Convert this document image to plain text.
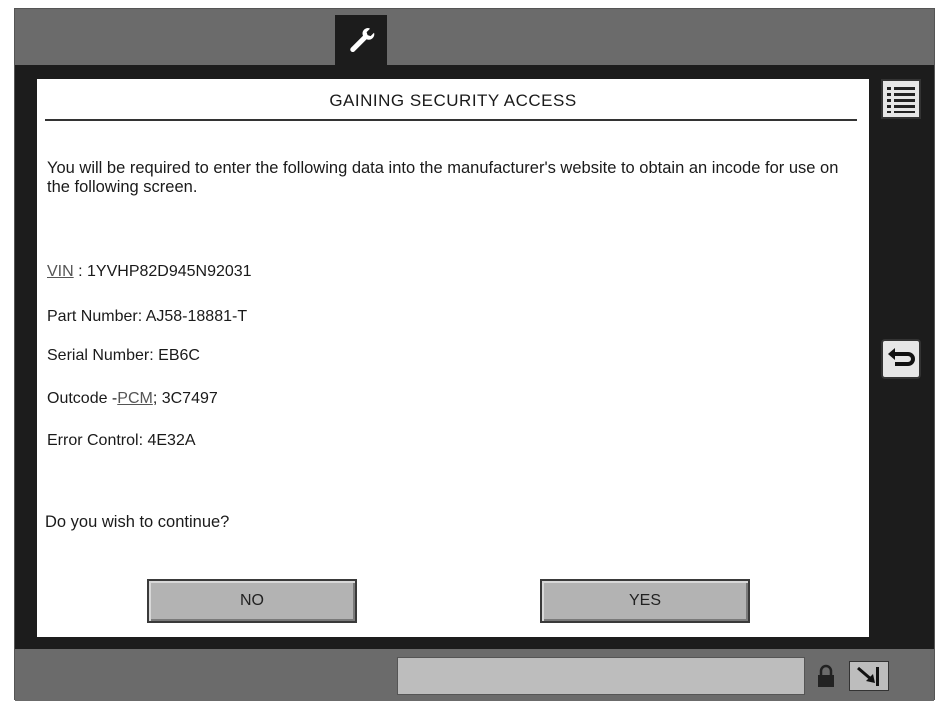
GAINING SECURITY ACCESS
You will be required to enter the following data into the manufacturer's website to obtain an incode for use on the following screen.
VIN : 1YVHP82D945N92031
Part Number: AJ58-18881-T
Serial Number: EB6C
Outcode -PCM; 3C7497
Error Control: 4E32A
Do you wish to continue?
NO	YES
